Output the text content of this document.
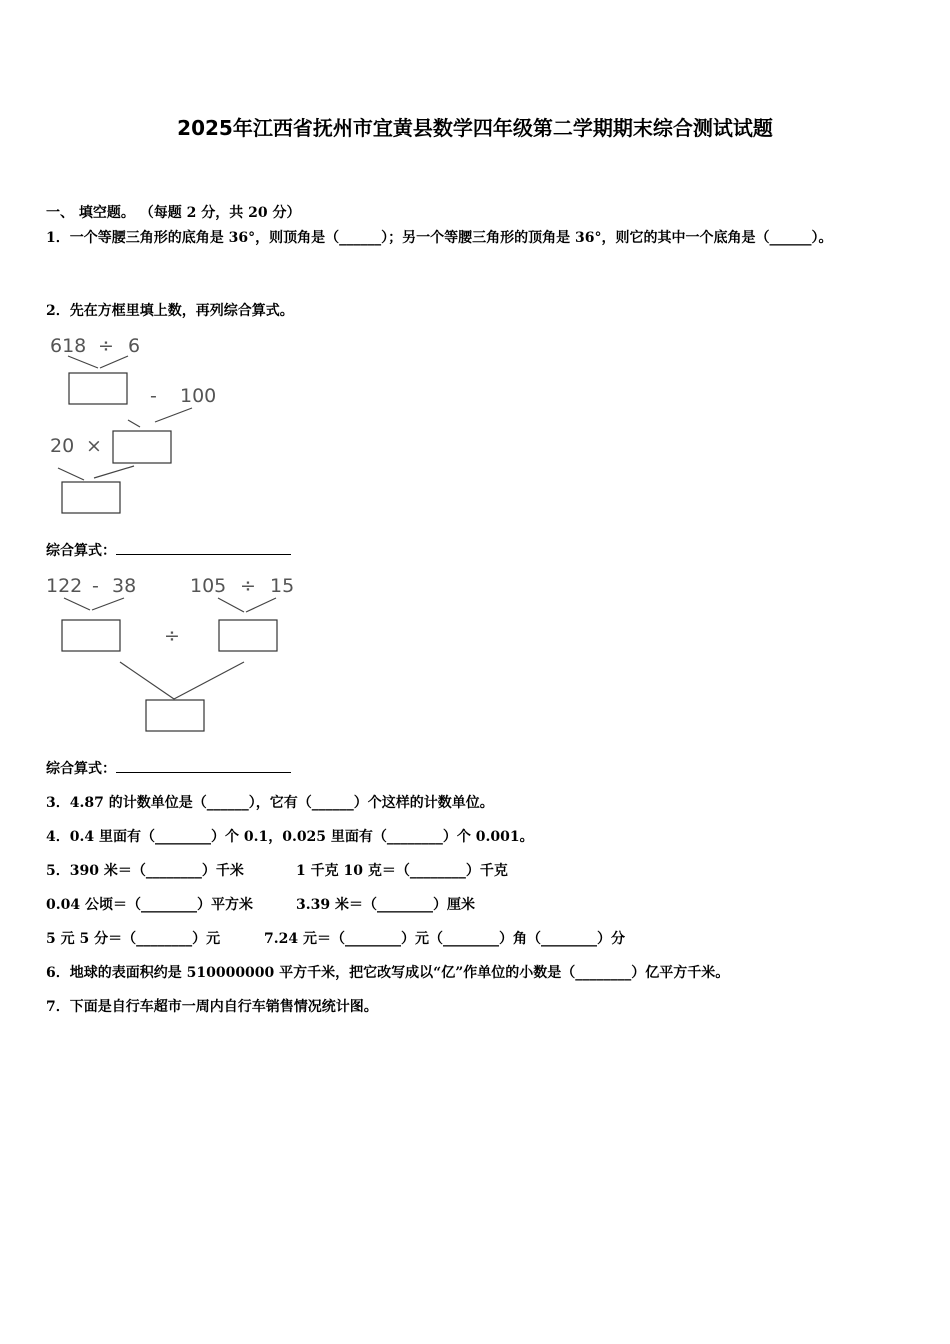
2025年江西省抚州市宜黄县数学四年级第二学期期末综合测试试题
一、 填空题。 （每题 2 分，共 20 分）
1．一个等腰三角形的底角是 36°，则顶角是（______）；另一个等腰三角形的顶角是 36°，则它的其中一个底角是（______）。
2．先在方框里填上数，再列综合算式。
618 ÷ 6
- 100
20 ×
综合算式：
122 - 38	105 ÷ 15
÷
综合算式：
3．4.87 的计数单位是（______），它有（______）个这样的计数单位。
4．0.4 里面有（________）个 0.1，0.025 里面有（________）个 0.001。
5．390 米＝（________）千米	1 千克 10 克＝（________）千克
0.04 公顷＝（________）平方米	3.39 米＝（________）厘米
5 元 5 分＝（________）元	7.24 元＝（________）元（________）角（________）分
6．地球的表面积约是 510000000 平方千米，把它改写成以“亿”作单位的小数是（________）亿平方千米。
7．下面是自行车超市一周内自行车销售情况统计图。
